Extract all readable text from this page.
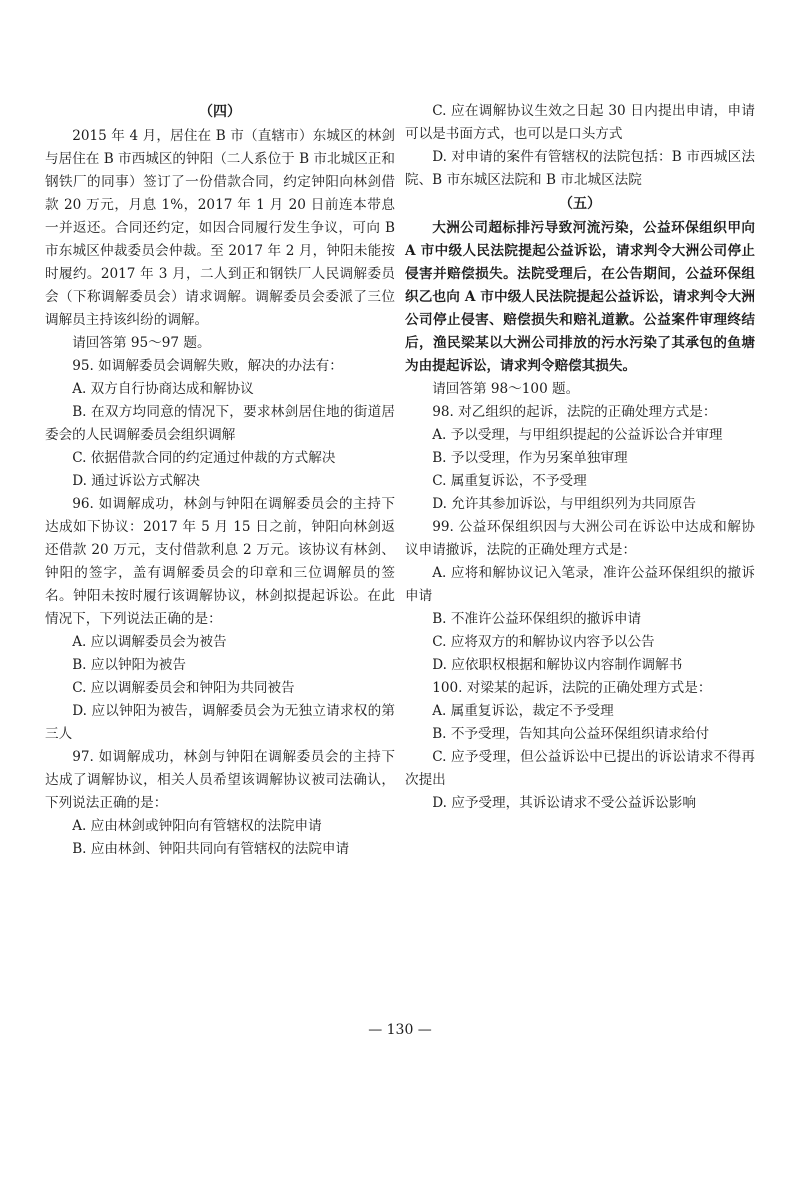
（四）

2015 年 4 月，居住在 B 市（直辖市）东城区的林剑与居住在 B 市西城区的钟阳（二人系位于 B 市北城区正和钢铁厂的同事）签订了一份借款合同，约定钟阳向林剑借款 20 万元，月息 1%，2017 年 1 月 20 日前连本带息一并返还。合同还约定，如因合同履行发生争议，可向 B 市东城区仲裁委员会仲裁。至 2017 年 2 月，钟阳未能按时履约。2017 年 3 月，二人到正和钢铁厂人民调解委员会（下称调解委员会）请求调解。调解委员会委派了三位调解员主持该纠纷的调解。

请回答第 95～97 题。

95. 如调解委员会调解失败，解决的办法有：

A. 双方自行协商达成和解协议

B. 在双方均同意的情况下，要求林剑居住地的街道居委会的人民调解委员会组织调解

C. 依据借款合同的约定通过仲裁的方式解决

D. 通过诉讼方式解决

96. 如调解成功，林剑与钟阳在调解委员会的主持下达成如下协议：2017 年 5 月 15 日之前，钟阳向林剑返还借款 20 万元，支付借款利息 2 万元。该协议有林剑、钟阳的签字，盖有调解委员会的印章和三位调解员的签名。钟阳未按时履行该调解协议，林剑拟提起诉讼。在此情况下，下列说法正确的是：

A. 应以调解委员会为被告

B. 应以钟阳为被告

C. 应以调解委员会和钟阳为共同被告

D. 应以钟阳为被告，调解委员会为无独立请求权的第三人

97. 如调解成功，林剑与钟阳在调解委员会的主持下达成了调解协议，相关人员希望该调解协议被司法确认，下列说法正确的是：

A. 应由林剑或钟阳向有管辖权的法院申请

B. 应由林剑、钟阳共同向有管辖权的法院申请

C. 应在调解协议生效之日起 30 日内提出申请，申请可以是书面方式，也可以是口头方式

D. 对申请的案件有管辖权的法院包括：B 市西城区法院、B 市东城区法院和 B 市北城区法院

（五）

大洲公司超标排污导致河流污染，公益环保组织甲向 A 市中级人民法院提起公益诉讼，请求判令大洲公司停止侵害并赔偿损失。法院受理后，在公告期间，公益环保组织乙也向 A 市中级人民法院提起公益诉讼，请求判令大洲公司停止侵害、赔偿损失和赔礼道歉。公益案件审理终结后，渔民梁某以大洲公司排放的污水污染了其承包的鱼塘为由提起诉讼，请求判令赔偿其损失。

请回答第 98～100 题。

98. 对乙组织的起诉，法院的正确处理方式是：

A. 予以受理，与甲组织提起的公益诉讼合并审理

B. 予以受理，作为另案单独审理

C. 属重复诉讼，不予受理

D. 允许其参加诉讼，与甲组织列为共同原告

99. 公益环保组织因与大洲公司在诉讼中达成和解协议申请撤诉，法院的正确处理方式是：

A. 应将和解协议记入笔录，准许公益环保组织的撤诉申请

B. 不准许公益环保组织的撤诉申请

C. 应将双方的和解协议内容予以公告

D. 应依职权根据和解协议内容制作调解书

100. 对梁某的起诉，法院的正确处理方式是：

A. 属重复诉讼，裁定不予受理

B. 不予受理，告知其向公益环保组织请求给付

C. 应予受理，但公益诉讼中已提出的诉讼请求不得再次提出

D. 应予受理，其诉讼请求不受公益诉讼影响

— 130 —
